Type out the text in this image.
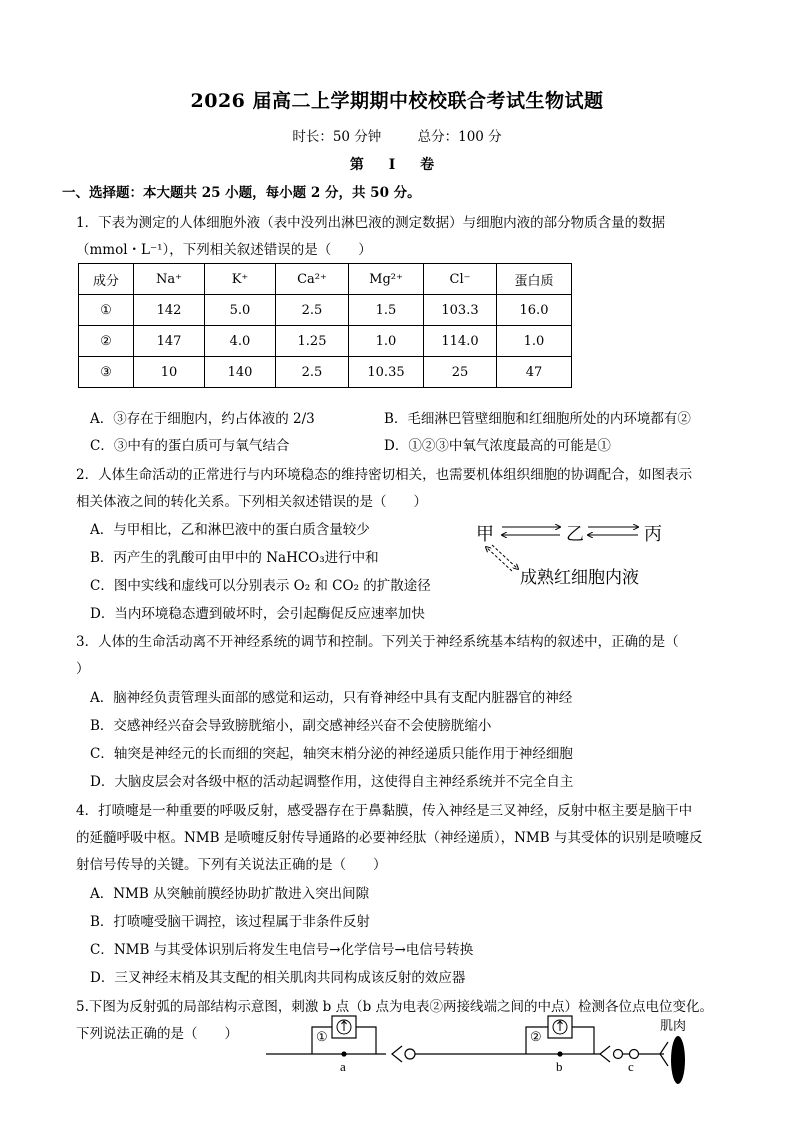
2026 届高二上学期期中校校联合考试生物试题
时长：50 分钟	总分：100 分
第 I 卷
一、选择题：本大题共 25 小题，每小题 2 分，共 50 分。
1．下表为测定的人体细胞外液（表中没列出淋巴液的测定数据）与细胞内液的部分物质含量的数据
（mmol・L⁻¹），下列相关叙述错误的是（　　）
成分	Na⁺	K⁺	Ca²⁺	Mg²⁺	Cl⁻	蛋白质
①	142	5.0	2.5	1.5	103.3	16.0
②	147	4.0	1.25	1.0	114.0	1.0
③	10	140	2.5	10.35	25	47
A．③存在于细胞内，约占体液的 2/3	B．毛细淋巴管壁细胞和红细胞所处的内环境都有②
C．③中有的蛋白质可与氧气结合	D．①②③中氧气浓度最高的可能是①
2．人体生命活动的正常进行与内环境稳态的维持密切相关，也需要机体组织细胞的协调配合，如图表示
相关体液之间的转化关系。下列相关叙述错误的是（　　）
A．与甲相比，乙和淋巴液中的蛋白质含量较少
B．丙产生的乳酸可由甲中的 NaHCO₃进行中和
C．图中实线和虚线可以分别表示 O₂ 和 CO₂ 的扩散途径
D．当内环境稳态遭到破坏时，会引起酶促反应速率加快
甲	乙	丙
成熟红细胞内液
3．人体的生命活动离不开神经系统的调节和控制。下列关于神经系统基本结构的叙述中，正确的是（
）
A．脑神经负责管理头面部的感觉和运动，只有脊神经中具有支配内脏器官的神经
B．交感神经兴奋会导致膀胱缩小，副交感神经兴奋不会使膀胱缩小
C．轴突是神经元的长而细的突起，轴突末梢分泌的神经递质只能作用于神经细胞
D．大脑皮层会对各级中枢的活动起调整作用，这使得自主神经系统并不完全自主
4．打喷嚏是一种重要的呼吸反射，感受器存在于鼻黏膜，传入神经是三叉神经，反射中枢主要是脑干中
的延髓呼吸中枢。NMB 是喷嚏反射传导通路的必要神经肽（神经递质），NMB 与其受体的识别是喷嚏反
射信号传导的关键。下列有关说法正确的是（　　）
A．NMB 从突触前膜经协助扩散进入突出间隙
B．打喷嚏受脑干调控，该过程属于非条件反射
C．NMB 与其受体识别后将发生电信号→化学信号→电信号转换
D．三叉神经末梢及其支配的相关肌肉共同构成该反射的效应器
5.下图为反射弧的局部结构示意图，刺激 b 点（b 点为电表②两接线端之间的中点）检测各位点电位变化。
下列说法正确的是（　　）
肌肉
①
a
②
b	c
